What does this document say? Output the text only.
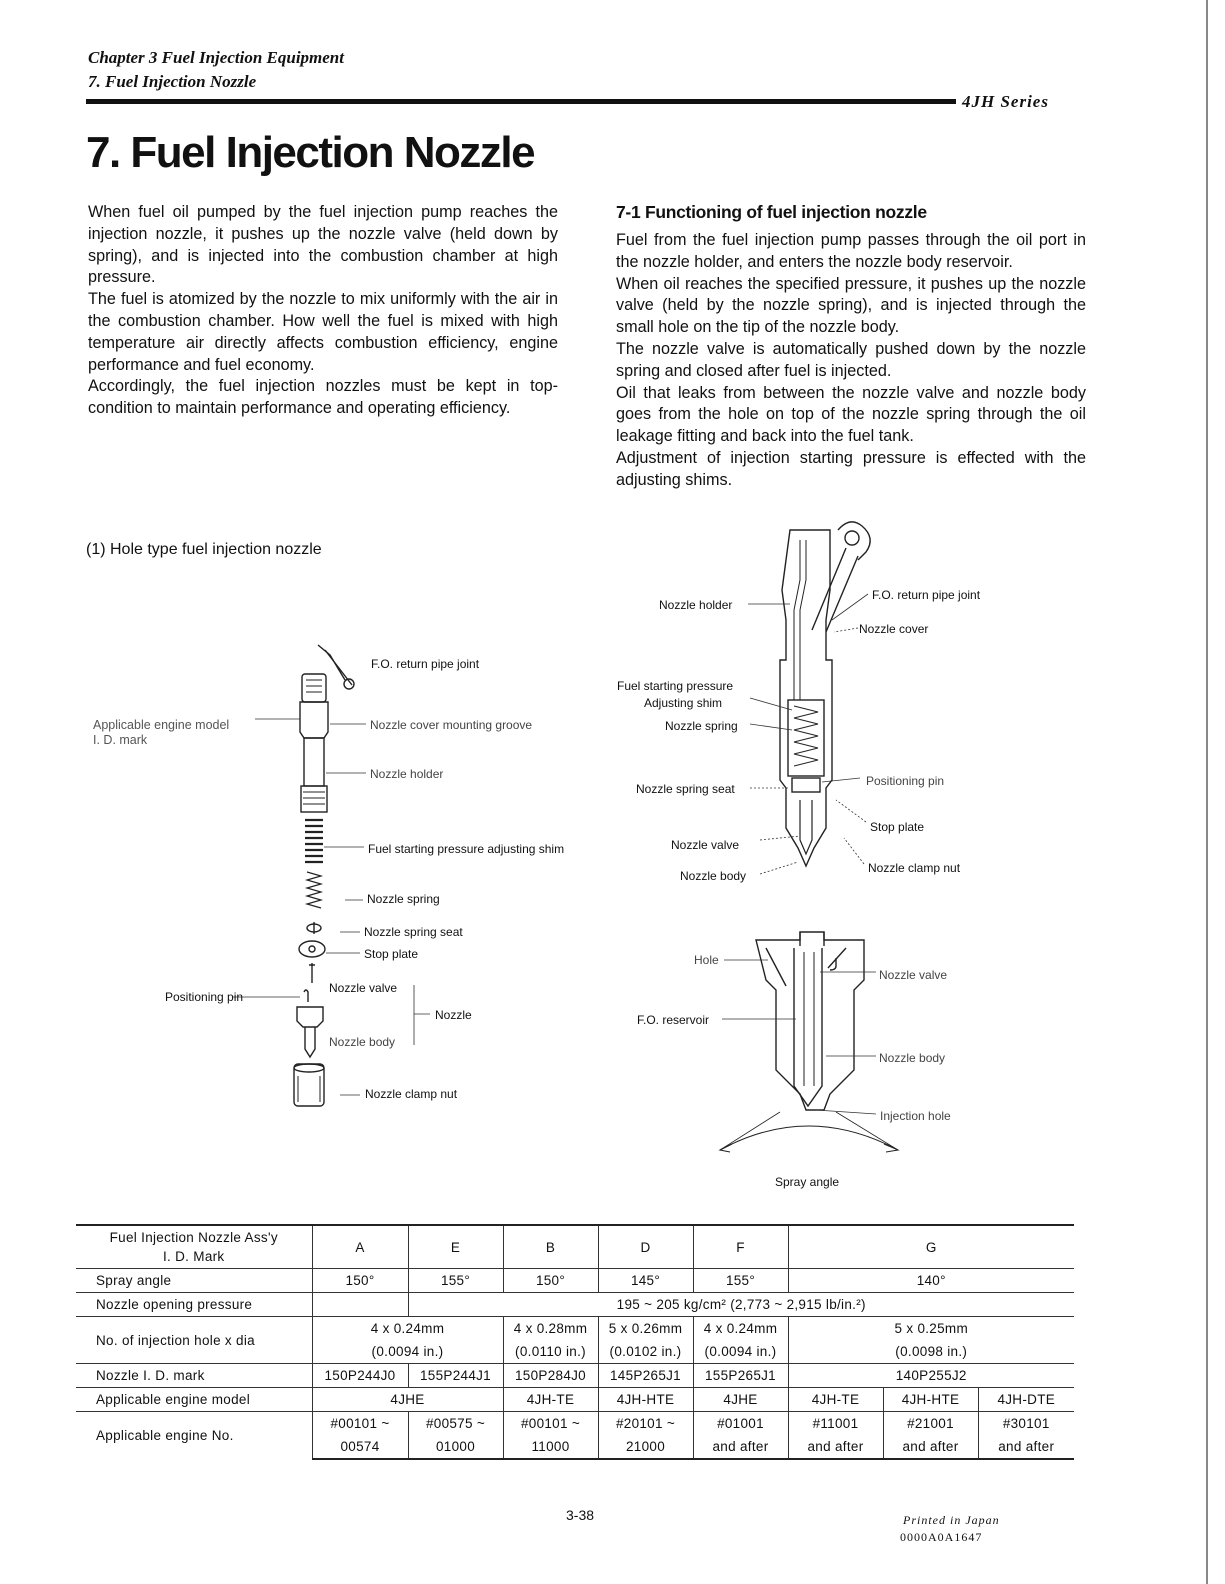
Chapter 3 Fuel Injection Equipment
7. Fuel Injection Nozzle
4JH Series
7. Fuel Injection Nozzle

When fuel oil pumped by the fuel injection pump reaches the injection nozzle, it pushes up the nozzle valve (held down by spring), and is injected into the combustion chamber at high pressure.

The fuel is atomized by the nozzle to mix uniformly with the air in the combustion chamber. How well the fuel is mixed with high temperature air directly affects combustion efficiency, engine performance and fuel economy.

Accordingly, the fuel injection nozzles must be kept in top-condition to maintain performance and operating efficiency.

7-1 Functioning of fuel injection nozzle

Fuel from the fuel injection pump passes through the oil port in the nozzle holder, and enters the nozzle body reservoir.

When oil reaches the specified pressure, it pushes up the nozzle valve (held by the nozzle spring), and is injected through the small hole on the tip of the nozzle body.

The nozzle valve is automatically pushed down by the nozzle spring and closed after fuel is injected.

Oil that leaks from between the nozzle valve and nozzle body goes from the hole on top of the nozzle spring through the oil leakage fitting and back into the fuel tank.

Adjustment of injection starting pressure is effected with the adjusting shims.

(1) Hole type fuel injection nozzle
F.O. return pipe joint
Applicable engine model
I. D. mark
Nozzle cover mounting groove
Nozzle holder
Fuel starting pressure adjusting shim
Nozzle spring
Nozzle spring seat
Stop plate
Positioning pin
Nozzle valve
Nozzle
Nozzle body
Nozzle clamp nut
Nozzle holder
F.O. return pipe joint
Nozzle cover
Fuel starting pressure
Adjusting shim
Nozzle spring
Positioning pin
Nozzle spring seat
Stop plate
Nozzle valve
Nozzle body
Nozzle clamp nut
Hole
Nozzle valve
F.O. reservoir
Nozzle body
Injection hole
Spray angle
Fuel Injection Nozzle Ass'y
I. D. Mark	A	E	B	D	F	G		
Spray angle	150°	155°	150°	145°	155°	140°		
Nozzle opening pressure		195 ~ 205 kg/cm² (2,773 ~ 2,915 lb/in.²)						
No. of injection hole x dia	4 x 0.24mm		4 x 0.28mm	5 x 0.26mm	4 x 0.24mm	5 x 0.25mm		
	(0.0094 in.)		(0.0110 in.)	(0.0102 in.)	(0.0094 in.)	(0.0098 in.)		
Nozzle I. D. mark	150P244J0	155P244J1	150P284J0	145P265J1	155P265J1	140P255J2		
Applicable engine model	4JHE		4JH-TE	4JH-HTE	4JHE	4JH-TE	4JH-HTE	4JH-DTE
Applicable engine No.	#00101 ~	#00575 ~	#00101 ~	#20101 ~	#01001	#11001	#21001	#30101
	00574	01000	11000	21000	and after	and after	and after	and after
3-38	Printed in Japan
0000A0A1647
